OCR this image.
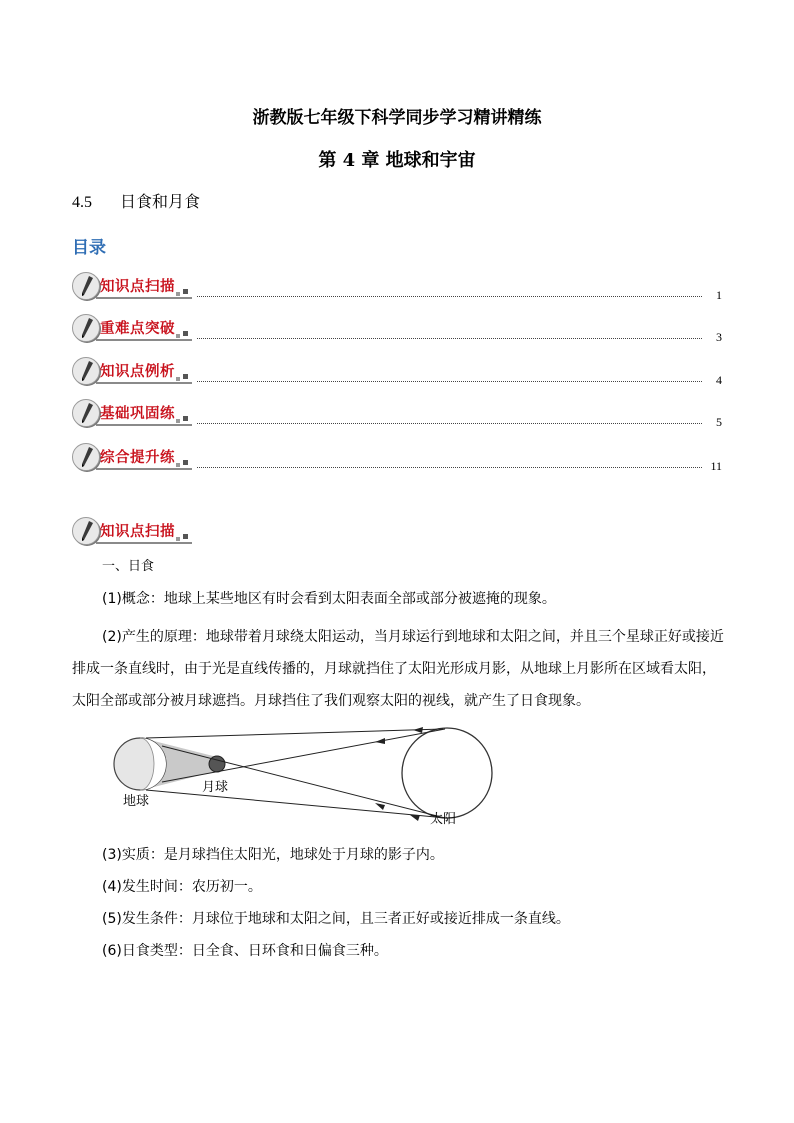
浙教版七年级下科学同步学习精讲精练
第 4 章 地球和宇宙
4.5 日食和月食
目录
知识点扫描	1
重难点突破	3
知识点例析	4
基础巩固练	5
综合提升练	11
知识点扫描
一、日食
(1)概念：地球上某些地区有时会看到太阳表面全部或部分被遮掩的现象。
(2)产生的原理：地球带着月球绕太阳运动，当月球运行到地球和太阳之间，并且三个星球正好或接近排成一条直线时，由于光是直线传播的，月球就挡住了太阳光形成月影，从地球上月影所在区域看太阳，太阳全部或部分被月球遮挡。月球挡住了我们观察太阳的视线，就产生了日食现象。
地球
月球
太阳
(3)实质：是月球挡住太阳光，地球处于月球的影子内。
(4)发生时间：农历初一。
(5)发生条件：月球位于地球和太阳之间，且三者正好或接近排成一条直线。
(6)日食类型：日全食、日环食和日偏食三种。
